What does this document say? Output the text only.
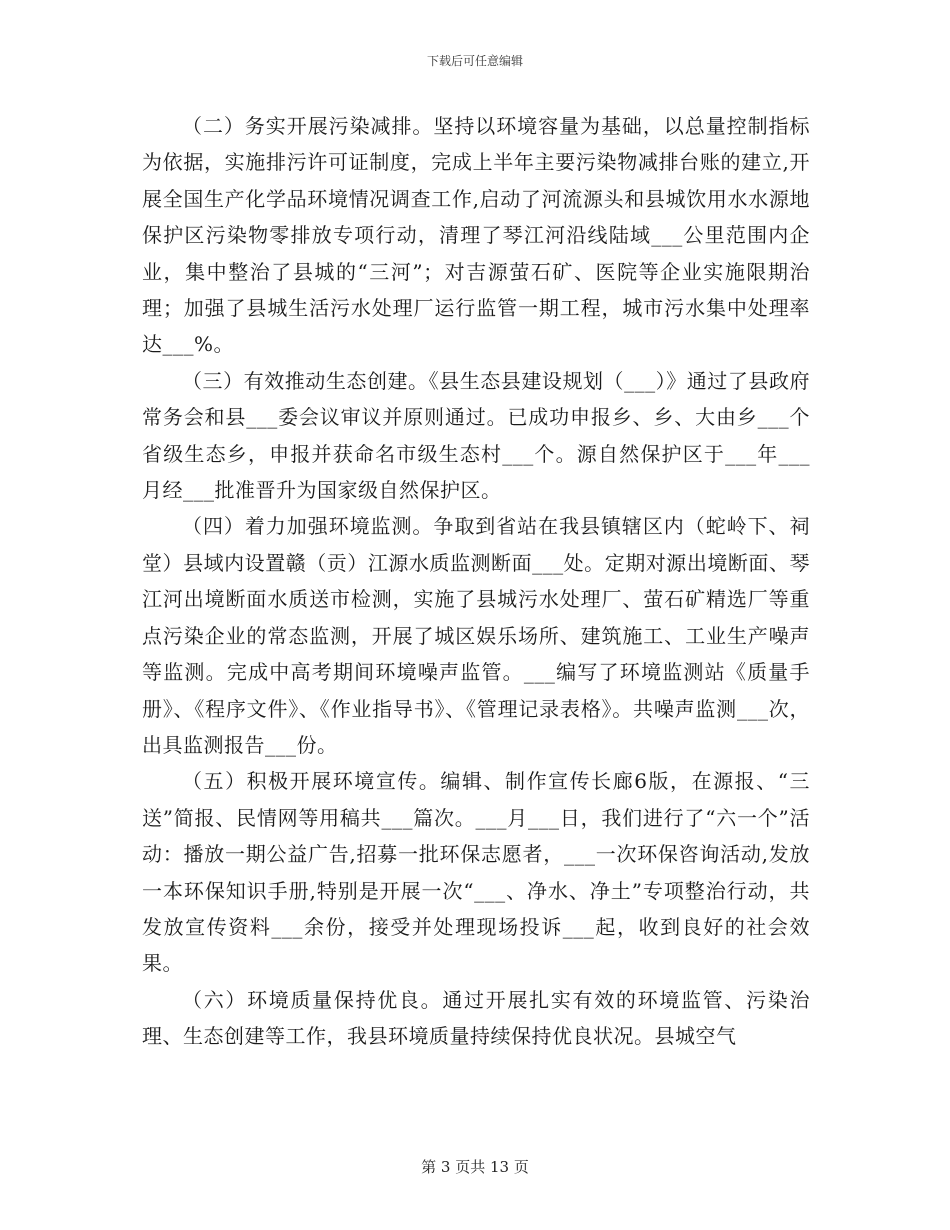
下载后可任意编辑

（二）务实开展污染减排。坚持以环境容量为基础，以总量控制指标为依据，实施排污许可证制度，完成上半年主要污染物减排台账的建立,开展全国生产化学品环境情况调查工作,启动了河流源头和县城饮用水水源地保护区污染物零排放专项行动，清理了琴江河沿线陆域___公里范围内企业，集中整治了县城的“三河”；对吉源萤石矿、医院等企业实施限期治理；加强了县城生活污水处理厂运行监管一期工程，城市污水集中处理率达___%。

（三）有效推动生态创建。《县生态县建设规划（___）》通过了县政府常务会和县___委会议审议并原则通过。已成功申报乡、乡、大由乡___个省级生态乡，申报并获命名市级生态村___个。源自然保护区于___年___月经___批准晋升为国家级自然保护区。

（四）着力加强环境监测。争取到省站在我县镇辖区内（蛇岭下、祠堂）县域内设置赣（贡）江源水质监测断面___处。定期对源出境断面、琴江河出境断面水质送市检测，实施了县城污水处理厂、萤石矿精选厂等重点污染企业的常态监测，开展了城区娱乐场所、建筑施工、工业生产噪声等监测。完成中高考期间环境噪声监管。___编写了环境监测站《质量手册》、《程序文件》、《作业指导书》、《管理记录表格》。共噪声监测___次，出具监测报告___份。

（五）积极开展环境宣传。编辑、制作宣传长廊6版，在源报、“三送”简报、民情网等用稿共___篇次。___月___日，我们进行了“六一个”活动：播放一期公益广告,招募一批环保志愿者，___一次环保咨询活动,发放一本环保知识手册,特别是开展一次“___、净水、净土”专项整治行动，共发放宣传资料___余份，接受并处理现场投诉___起，收到良好的社会效果。

（六）环境质量保持优良。通过开展扎实有效的环境监管、污染治理、生态创建等工作，我县环境质量持续保持优良状况。县城空气

第 3 页共 13 页
